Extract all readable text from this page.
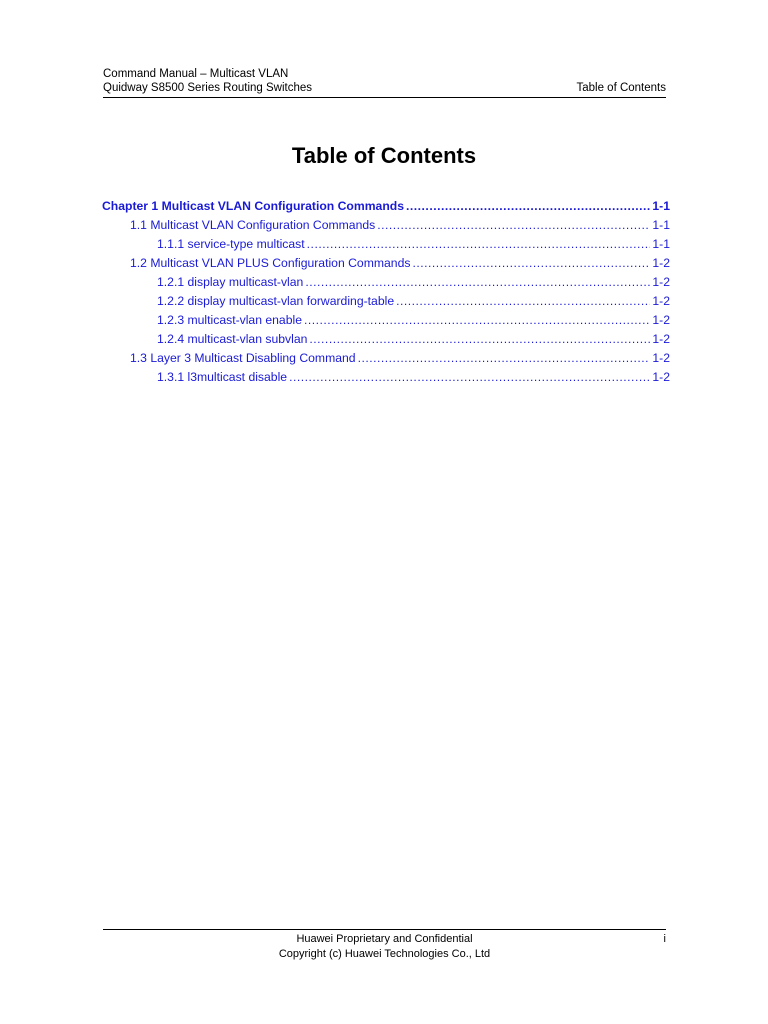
Command Manual – Multicast VLAN
Quidway S8500 Series Routing Switches	Table of Contents
Table of Contents
Chapter 1 Multicast VLAN Configuration Commands .....	1-1
1.1 Multicast VLAN Configuration Commands .....	1-1
1.1.1 service-type multicast .....	1-1
1.2 Multicast VLAN PLUS Configuration Commands .....	1-2
1.2.1 display multicast-vlan .....	1-2
1.2.2 display multicast-vlan forwarding-table .....	1-2
1.2.3 multicast-vlan enable .....	1-2
1.2.4 multicast-vlan subvlan .....	1-2
1.3 Layer 3 Multicast Disabling Command .....	1-2
1.3.1 l3multicast disable .....	1-2
Huawei Proprietary and Confidential	i
Copyright (c) Huawei Technologies Co., Ltd
